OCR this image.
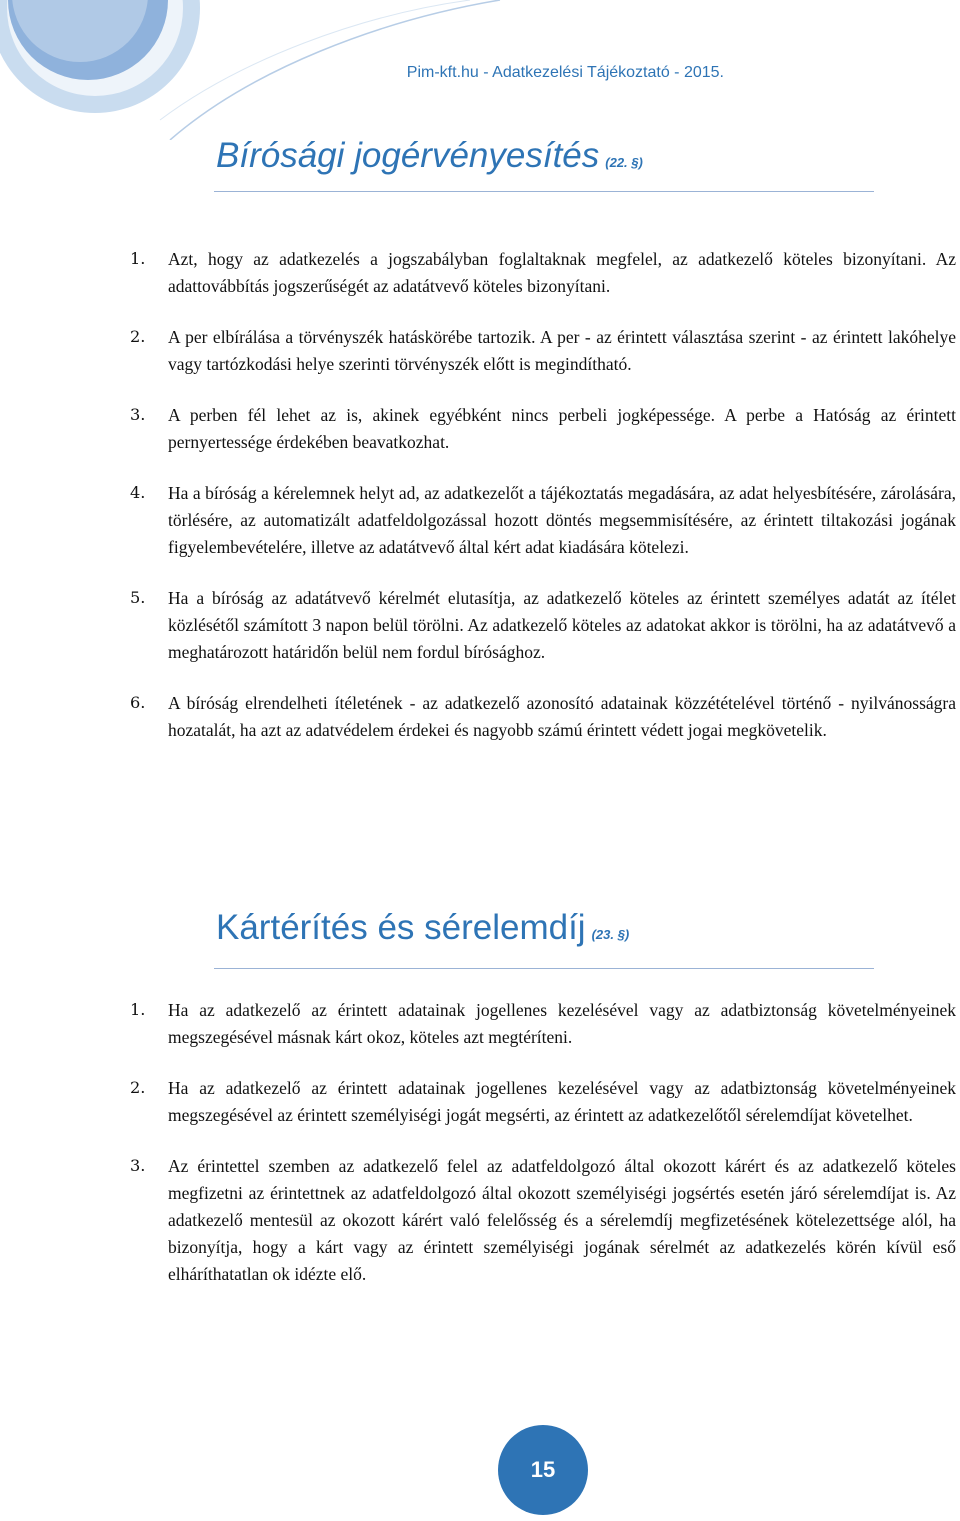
Pim-kft.hu - Adatkezelési Tájékoztató - 2015.
Bírósági jogérvényesítés (22. §)
1. Azt, hogy az adatkezelés a jogszabályban foglaltaknak megfelel, az adatkezelő köteles bizonyítani. Az adattovábbítás jogszerűségét az adatátvevő köteles bizonyítani.
2. A per elbírálása a törvényszék hatáskörébe tartozik. A per - az érintett választása szerint - az érintett lakóhelye vagy tartózkodási helye szerinti törvényszék előtt is megindítható.
3. A perben fél lehet az is, akinek egyébként nincs perbeli jogképessége. A perbe a Hatóság az érintett pernyertessége érdekében beavatkozhat.
4. Ha a bíróság a kérelemnek helyt ad, az adatkezelőt a tájékoztatás megadására, az adat helyesbítésére, zárolására, törlésére, az automatizált adatfeldolgozással hozott döntés megsemmisítésére, az érintett tiltakozási jogának figyelembevételére, illetve az adatátvevő által kért adat kiadására kötelezi.
5. Ha a bíróság az adatátvevő kérelmét elutasítja, az adatkezelő köteles az érintett személyes adatát az ítélet közlésétől számított 3 napon belül törölni. Az adatkezelő köteles az adatokat akkor is törölni, ha az adatátvevő a meghatározott határidőn belül nem fordul bírósághoz.
6. A bíróság elrendelheti ítéletének - az adatkezelő azonosító adatainak közzétételével történő - nyilvánosságra hozatalát, ha azt az adatvédelem érdekei és nagyobb számú érintett védett jogai megkövetelik.
Kártérítés és sérelemdíj (23. §)
1. Ha az adatkezelő az érintett adatainak jogellenes kezelésével vagy az adatbiztonság követelményeinek megszegésével másnak kárt okoz, köteles azt megtéríteni.
2. Ha az adatkezelő az érintett adatainak jogellenes kezelésével vagy az adatbiztonság követelményeinek megszegésével az érintett személyiségi jogát megsérti, az érintett az adatkezelőtől sérelemdíjat követelhet.
3. Az érintettel szemben az adatkezelő felel az adatfeldolgozó által okozott kárért és az adatkezelő köteles megfizetni az érintettnek az adatfeldolgozó által okozott személyiségi jogsértés esetén járó sérelemdíjat is. Az adatkezelő mentesül az okozott kárért való felelősség és a sérelemdíj megfizetésének kötelezettsége alól, ha bizonyítja, hogy a kárt vagy az érintett személyiségi jogának sérelmét az adatkezelés körén kívül eső elháríthatatlan ok idézte elő.
15
